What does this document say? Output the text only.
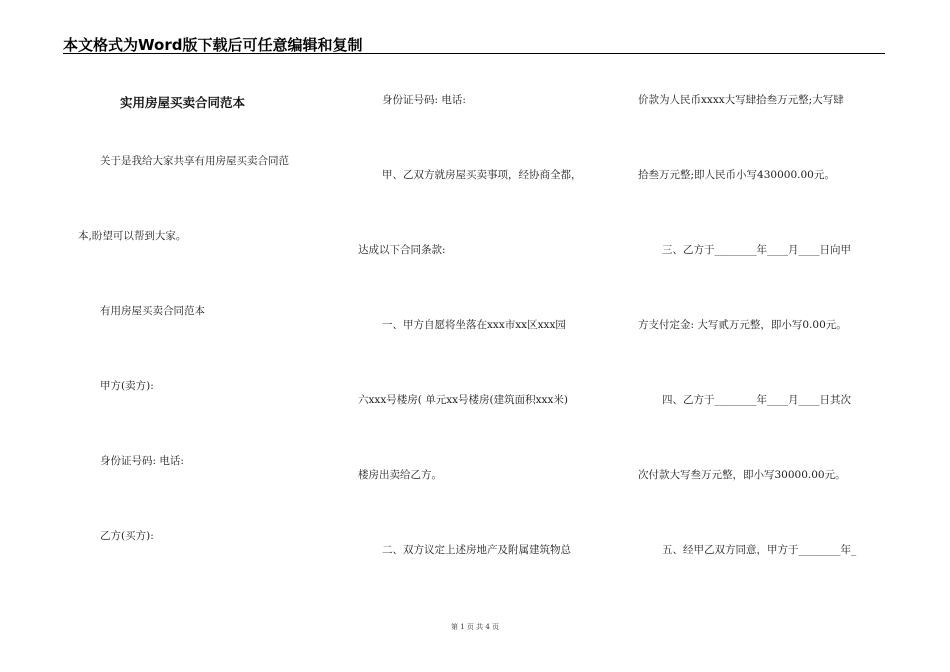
本文格式为Word版下载后可任意编辑和复制
实用房屋买卖合同范本
关于是我给大家共享有用房屋买卖合同范
本,盼望可以帮到大家。
有用房屋买卖合同范本
甲方(卖方):
身份证号码: 电话:
乙方(买方):
身份证号码: 电话:
甲、乙双方就房屋买卖事项，经协商全都，
达成以下合同条款:
一、甲方自愿将坐落在xxx市xx区xxx园
六xxx号楼房( 单元xx号楼房(建筑面积xxx米)
楼房出卖给乙方。
二、双方议定上述房地产及附属建筑物总
价款为人民币xxxx大写肆拾叁万元整;大写肆
拾叁万元整;即人民币小写430000.00元。
三、乙方于________年____月____日向甲
方支付定金: 大写贰万元整，即小写0.00元。
四、乙方于________年____月____日其次
次付款大写叁万元整，即小写30000.00元。
五、经甲乙双方同意，甲方于________年_
第 1 页 共 4 页
